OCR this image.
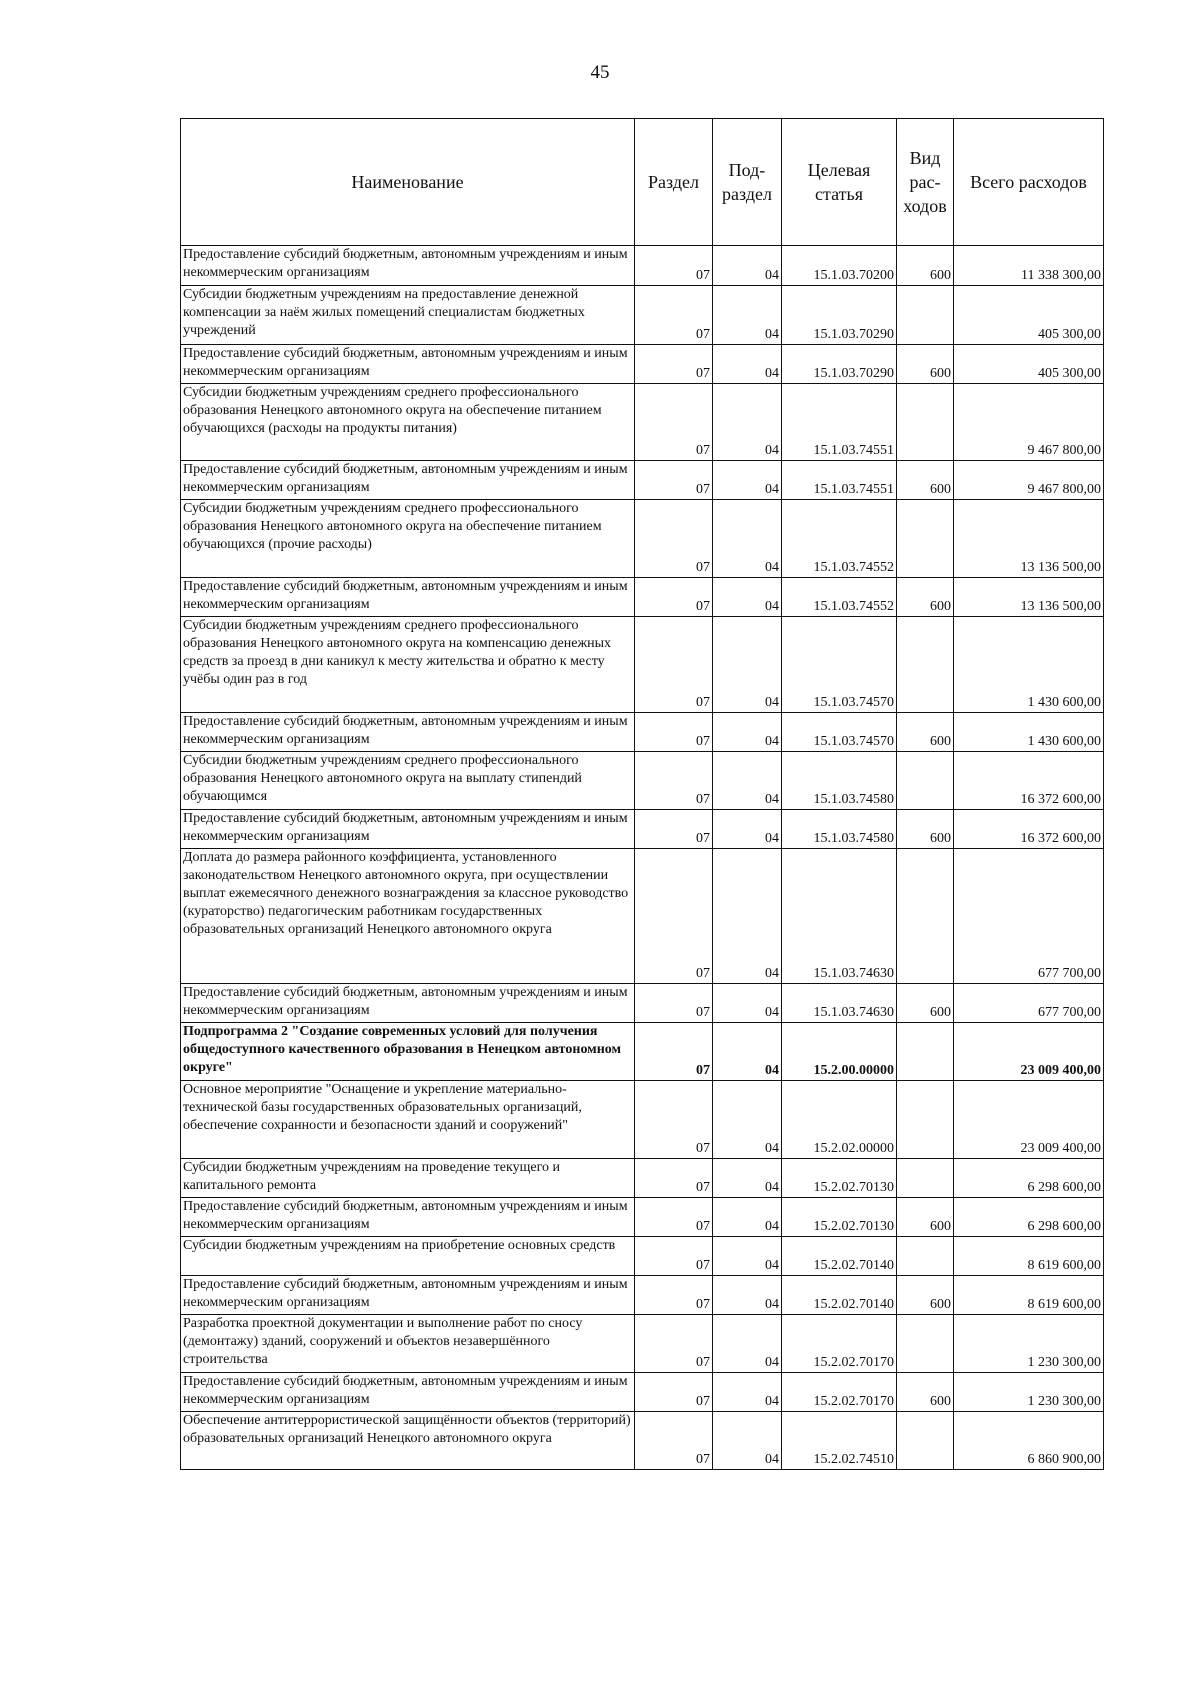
45
Наименование	Раздел	Под-раздел	Целевая статья	Вид рас-ходов	Всего расходов
Предоставление субсидий бюджетным, автономным учреждениям и иным некоммерческим организациям	07	04	15.1.03.70200	600	11 338 300,00
Субсидии бюджетным учреждениям на предоставление денежной компенсации за наём жилых помещений специалистам бюджетных учреждений	07	04	15.1.03.70290		405 300,00
Предоставление субсидий бюджетным, автономным учреждениям и иным некоммерческим организациям	07	04	15.1.03.70290	600	405 300,00
Субсидии бюджетным учреждениям среднего профессионального образования Ненецкого автономного округа на обеспечение питанием обучающихся (расходы на продукты питания)	07	04	15.1.03.74551		9 467 800,00
Предоставление субсидий бюджетным, автономным учреждениям и иным некоммерческим организациям	07	04	15.1.03.74551	600	9 467 800,00
Субсидии бюджетным учреждениям среднего профессионального образования Ненецкого автономного округа на обеспечение питанием обучающихся (прочие расходы)	07	04	15.1.03.74552		13 136 500,00
Предоставление субсидий бюджетным, автономным учреждениям и иным некоммерческим организациям	07	04	15.1.03.74552	600	13 136 500,00
Субсидии бюджетным учреждениям среднего профессионального образования Ненецкого автономного округа на компенсацию денежных средств за проезд в дни каникул к месту жительства и обратно к месту учёбы один раз в год	07	04	15.1.03.74570		1 430 600,00
Предоставление субсидий бюджетным, автономным учреждениям и иным некоммерческим организациям	07	04	15.1.03.74570	600	1 430 600,00
Субсидии бюджетным учреждениям среднего профессионального образования Ненецкого автономного округа на выплату стипендий обучающимся	07	04	15.1.03.74580		16 372 600,00
Предоставление субсидий бюджетным, автономным учреждениям и иным некоммерческим организациям	07	04	15.1.03.74580	600	16 372 600,00
Доплата до размера районного коэффициента, установленного законодательством Ненецкого автономного округа, при осуществлении выплат ежемесячного денежного вознаграждения за классное руководство (кураторство) педагогическим работникам государственных образовательных организаций Ненецкого автономного округа	07	04	15.1.03.74630		677 700,00
Предоставление субсидий бюджетным, автономным учреждениям и иным некоммерческим организациям	07	04	15.1.03.74630	600	677 700,00
Подпрограмма 2 "Создание современных условий для получения общедоступного качественного образования в Ненецком автономном округе"	07	04	15.2.00.00000		23 009 400,00
Основное мероприятие "Оснащение и укрепление материально-технической базы государственных образовательных организаций, обеспечение сохранности и безопасности зданий и сооружений"	07	04	15.2.02.00000		23 009 400,00
Субсидии бюджетным учреждениям на проведение текущего и капитального ремонта	07	04	15.2.02.70130		6 298 600,00
Предоставление субсидий бюджетным, автономным учреждениям и иным некоммерческим организациям	07	04	15.2.02.70130	600	6 298 600,00
Субсидии бюджетным учреждениям на приобретение основных средств	07	04	15.2.02.70140		8 619 600,00
Предоставление субсидий бюджетным, автономным учреждениям и иным некоммерческим организациям	07	04	15.2.02.70140	600	8 619 600,00
Разработка проектной документации и выполнение работ по сносу (демонтажу) зданий, сооружений и объектов незавершённого строительства	07	04	15.2.02.70170		1 230 300,00
Предоставление субсидий бюджетным, автономным учреждениям и иным некоммерческим организациям	07	04	15.2.02.70170	600	1 230 300,00
Обеспечение антитеррористической защищённости объектов (территорий) образовательных организаций Ненецкого автономного округа	07	04	15.2.02.74510		6 860 900,00
